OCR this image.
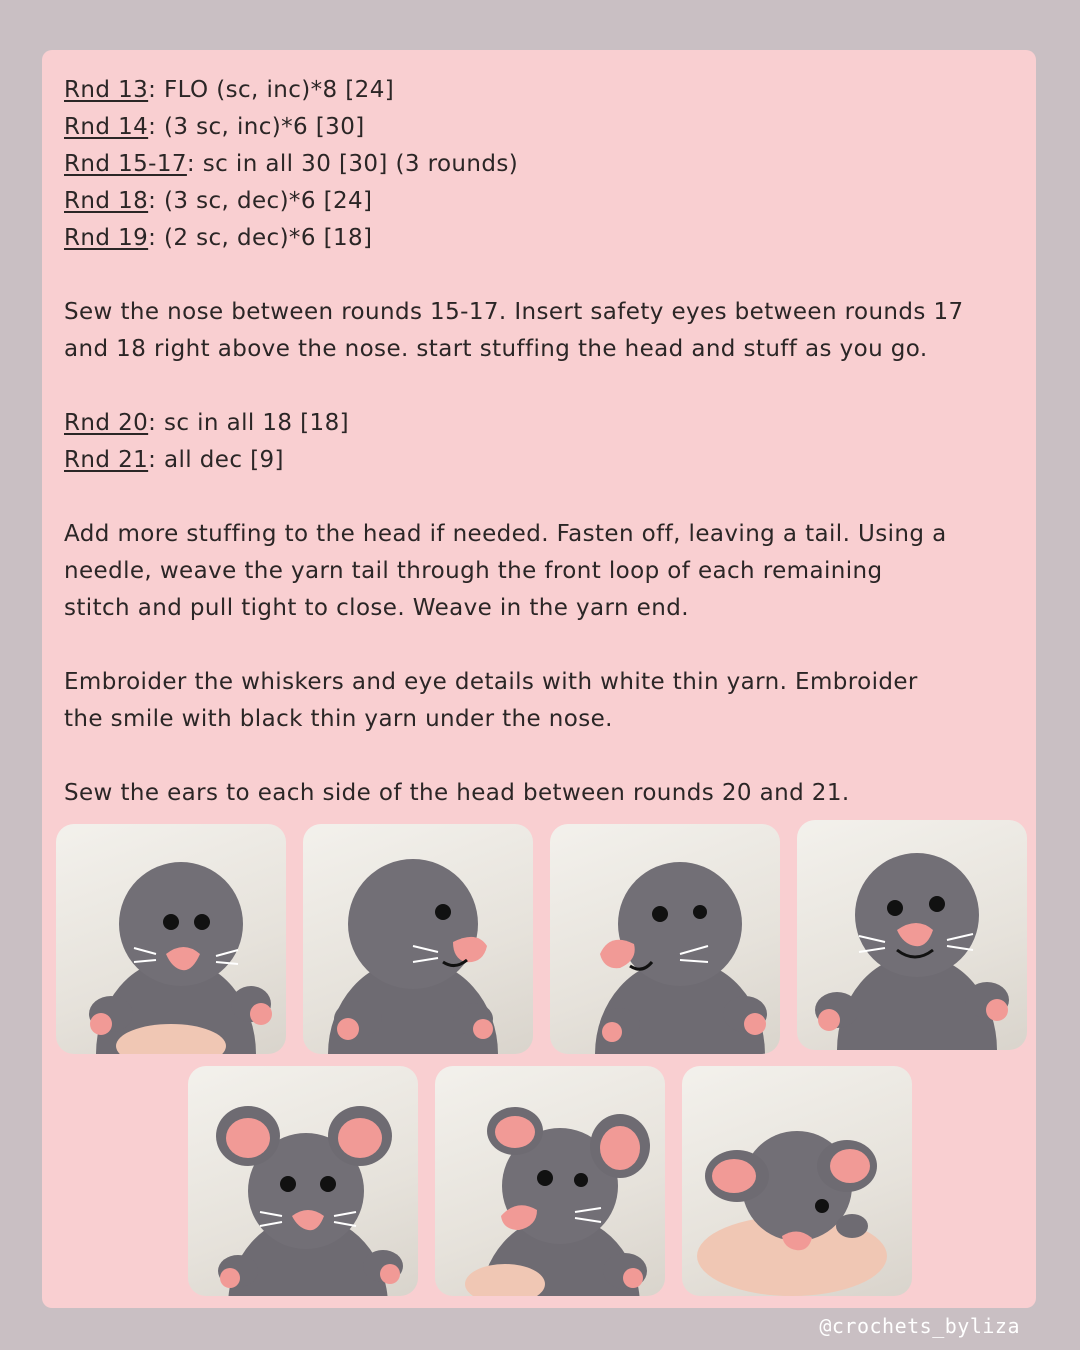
Rnd 13: FLO (sc, inc)*8 [24]
Rnd 14: (3 sc, inc)*6 [30]
Rnd 15-17: sc in all 30 [30] (3 rounds)
Rnd 18: (3 sc, dec)*6 [24]
Rnd 19: (2 sc, dec)*6 [18]
Sew the nose between rounds 15-17. Insert safety eyes between rounds 17
and 18 right above the nose. start stuffing the head and stuff as you go.
Rnd 20: sc in all 18 [18]
Rnd 21: all dec [9]
Add more stuffing to the head if needed. Fasten off, leaving a tail. Using a
needle, weave the yarn tail through the front loop of each remaining
stitch and pull tight to close. Weave in the yarn end.
Embroider the whiskers and eye details with white thin yarn. Embroider
the smile with black thin yarn under the nose.
Sew the ears to each side of the head between rounds 20 and 21.
@crochets_byliza
